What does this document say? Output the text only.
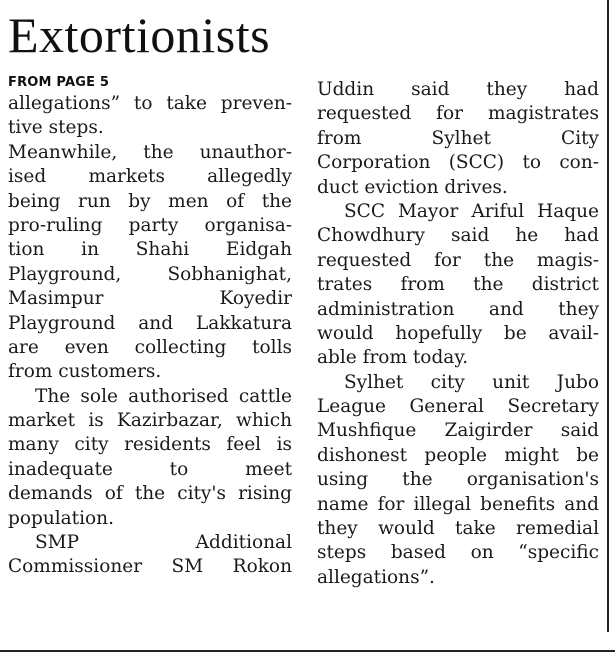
Extortionists
FROM PAGE 5
allegations” to take preven-
tive steps.
Meanwhile, the unauthor-
ised markets allegedly
being run by men of the
pro-ruling party organisa-
tion in Shahi Eidgah
Playground, Sobhanighat,
Masimpur Koyedir
Playground and Lakkatura
are even collecting tolls
from customers.
The sole authorised cattle
market is Kazirbazar, which
many city residents feel is
inadequate to meet
demands of the city's rising
population.
SMP Additional
Commissioner SM Rokon
Uddin said they had
requested for magistrates
from Sylhet City
Corporation (SCC) to con-
duct eviction drives.
SCC Mayor Ariful Haque
Chowdhury said he had
requested for the magis-
trates from the district
administration and they
would hopefully be avail-
able from today.
Sylhet city unit Jubo
League General Secretary
Mushfique Zaigirder said
dishonest people might be
using the organisation's
name for illegal benefits and
they would take remedial
steps based on “specific
allegations”.
